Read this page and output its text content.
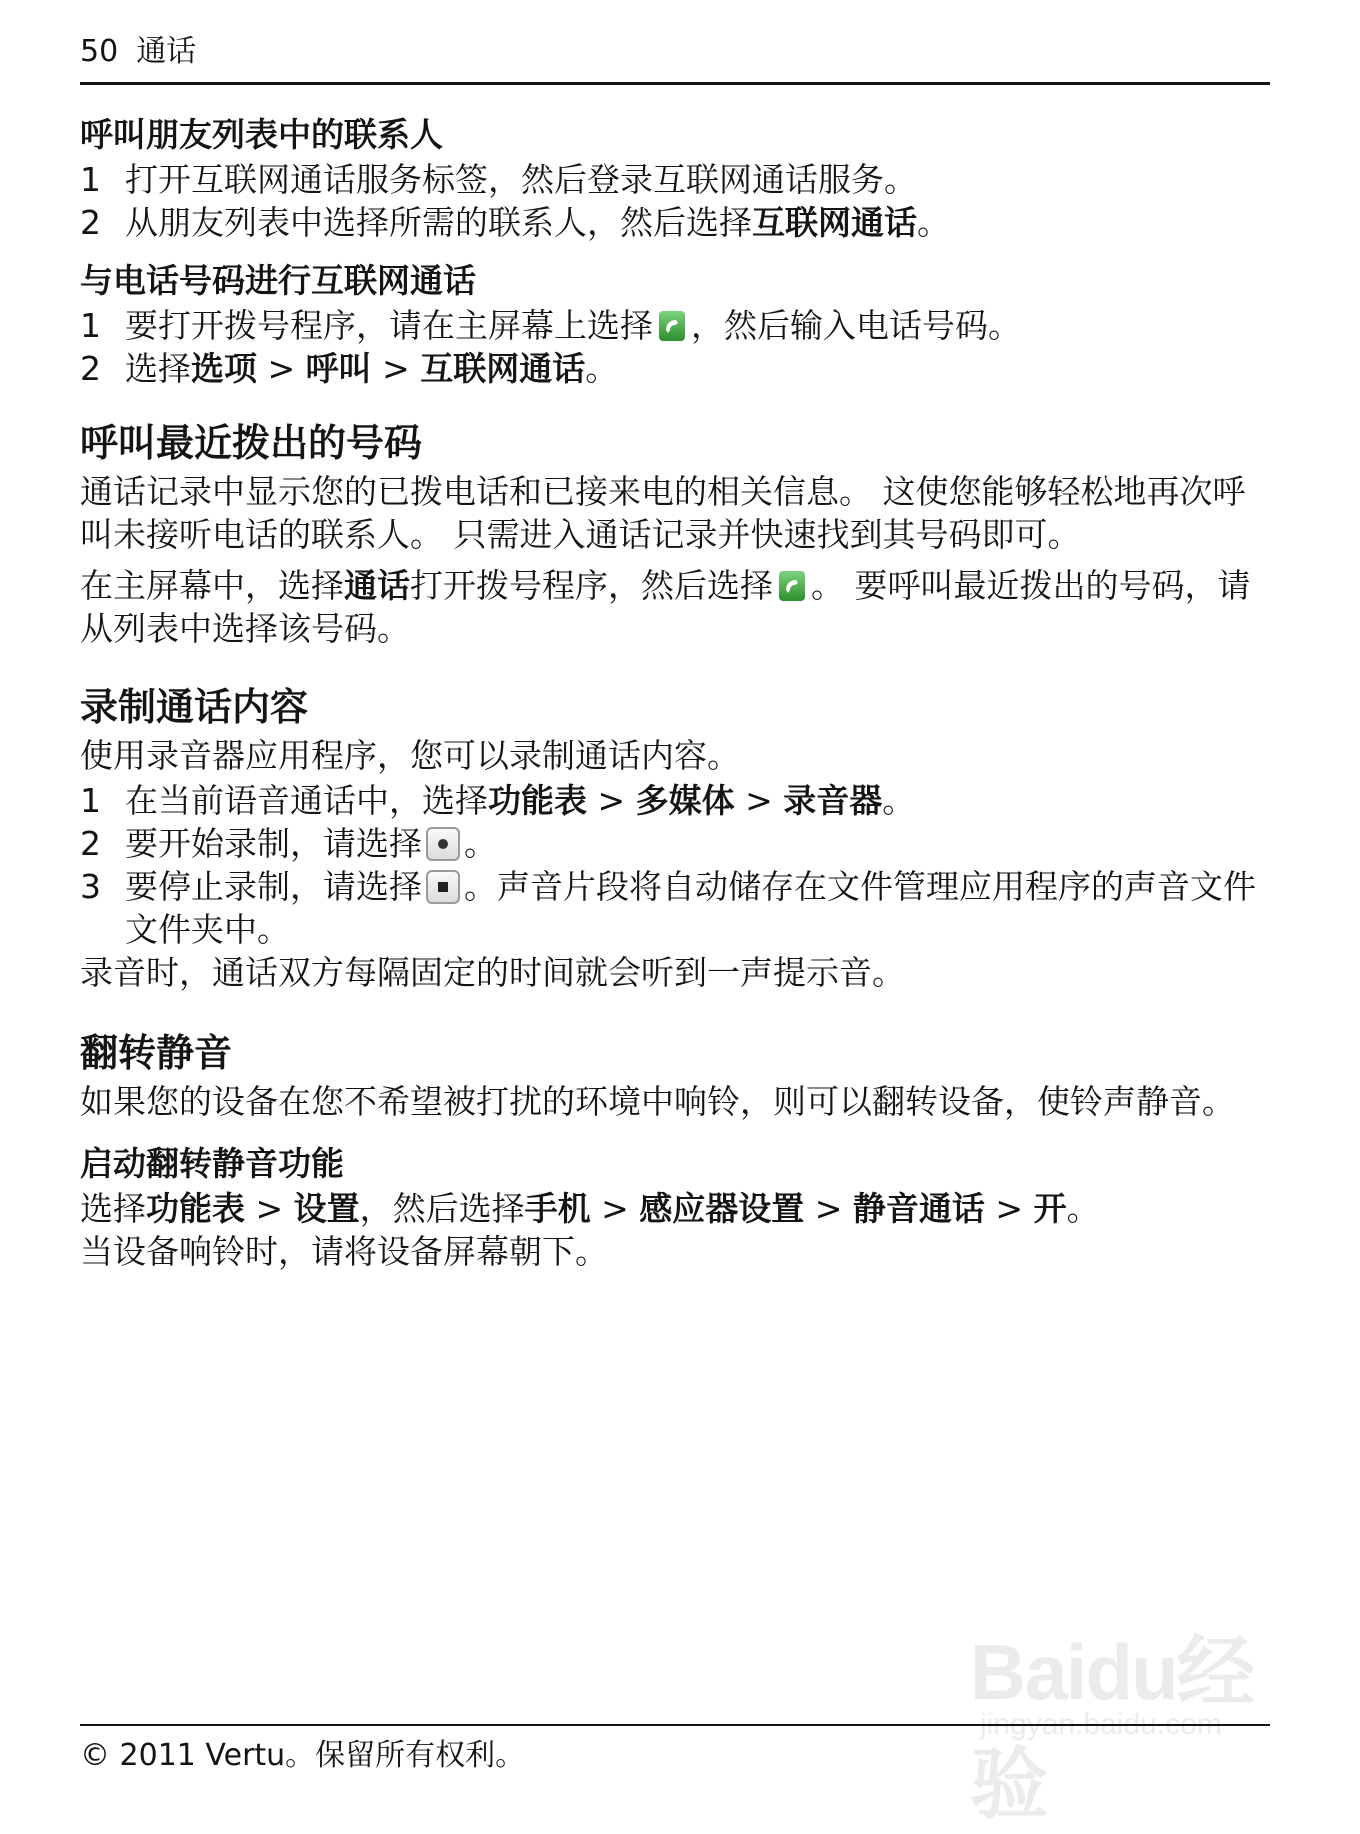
50 通话
呼叫朋友列表中的联系人
1 打开互联网通话服务标签，然后登录互联网通话服务。
2 从朋友列表中选择所需的联系人，然后选择互联网通话。
与电话号码进行互联网通话
1 要打开拨号程序，请在主屏幕上选择 ，然后输入电话号码。
2 选择选项 > 呼叫 > 互联网通话。
呼叫最近拨出的号码
通话记录中显示您的已拨电话和已接来电的相关信息。 这使您能够轻松地再次呼叫未接听电话的联系人。 只需进入通话记录并快速找到其号码即可。
在主屏幕中，选择通话打开拨号程序，然后选择 。 要呼叫最近拨出的号码，请从列表中选择该号码。
录制通话内容
使用录音器应用程序，您可以录制通话内容。
1 在当前语音通话中，选择功能表 > 多媒体 > 录音器。
2 要开始录制，请选择 。
3 要停止录制，请选择 。声音片段将自动储存在文件管理应用程序的声音文件文件夹中。
录音时，通话双方每隔固定的时间就会听到一声提示音。
翻转静音
如果您的设备在您不希望被打扰的环境中响铃，则可以翻转设备，使铃声静音。
启动翻转静音功能
选择功能表 > 设置，然后选择手机 > 感应器设置 > 静音通话 > 开。
当设备响铃时，请将设备屏幕朝下。
Baidu经验
jingyan.baidu.com
© 2011 Vertu。保留所有权利。
